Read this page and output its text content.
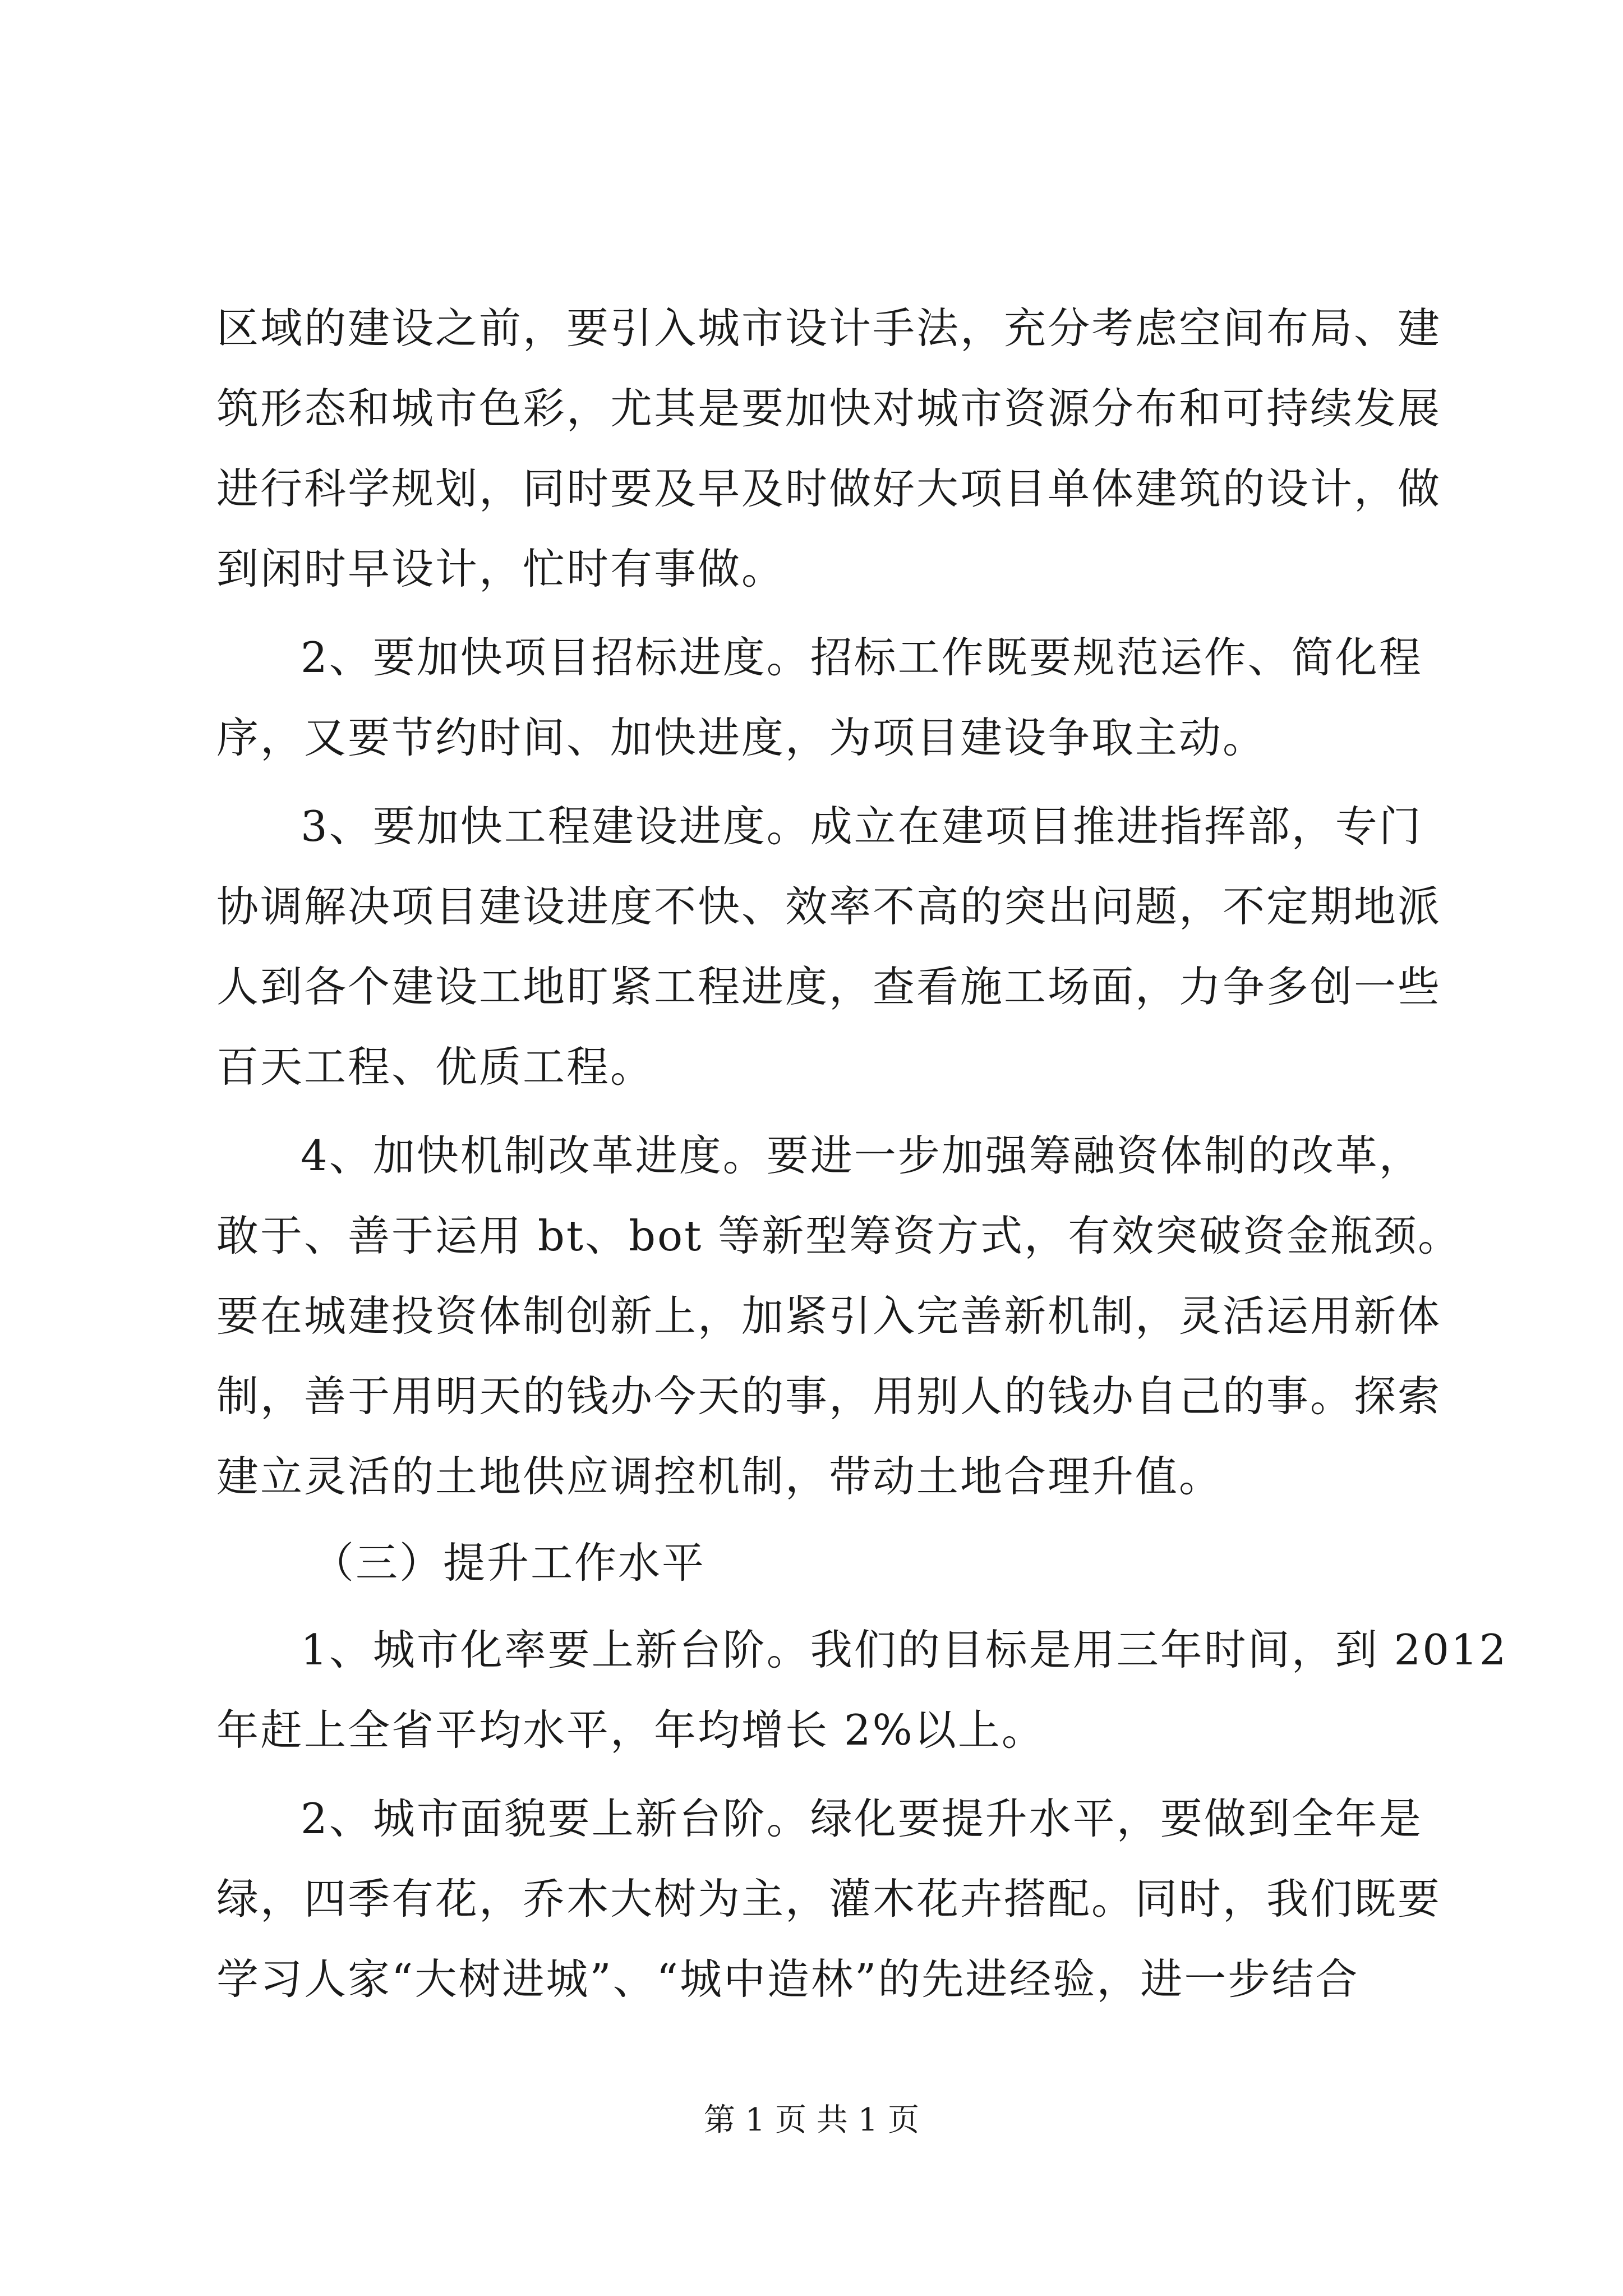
区域的建设之前，要引入城市设计手法，充分考虑空间布局、建
筑形态和城市色彩，尤其是要加快对城市资源分布和可持续发展
进行科学规划，同时要及早及时做好大项目单体建筑的设计，做
到闲时早设计，忙时有事做。
2、要加快项目招标进度。招标工作既要规范运作、简化程
序，又要节约时间、加快进度，为项目建设争取主动。
3、要加快工程建设进度。成立在建项目推进指挥部，专门
协调解决项目建设进度不快、效率不高的突出问题，不定期地派
人到各个建设工地盯紧工程进度，查看施工场面，力争多创一些
百天工程、优质工程。
4、加快机制改革进度。要进一步加强筹融资体制的改革，
敢于、善于运用 bt、bot 等新型筹资方式，有效突破资金瓶颈。
要在城建投资体制创新上，加紧引入完善新机制，灵活运用新体
制，善于用明天的钱办今天的事，用别人的钱办自己的事。探索
建立灵活的土地供应调控机制，带动土地合理升值。
（三）提升工作水平
1、城市化率要上新台阶。我们的目标是用三年时间，到 2012
年赶上全省平均水平，年均增长 2%以上。
2、城市面貌要上新台阶。绿化要提升水平，要做到全年是
绿，四季有花，乔木大树为主，灌木花卉搭配。同时，我们既要
学习人家“大树进城”、“城中造林”的先进经验，进一步结合
第 1 页 共 1 页
